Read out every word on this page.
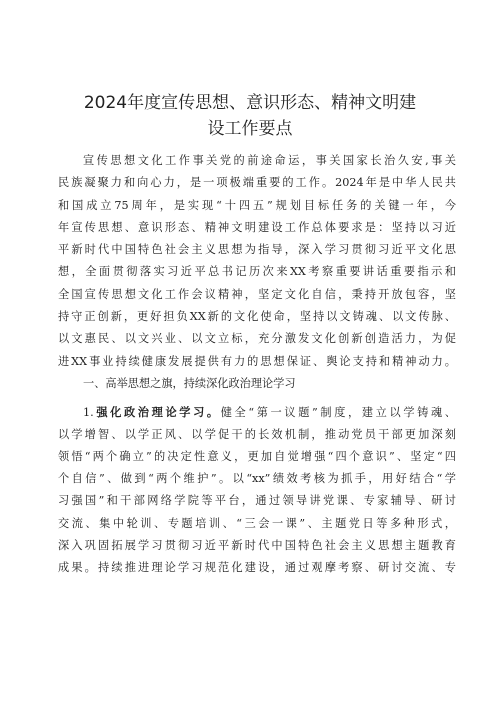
2024年度宣传思想、意识形态、精神文明建
设工作要点
宣传思想文化工作事关党的前途命运，事关国家长治久安,事关
民族凝聚力和向心力，是一项极端重要的工作。2024年是中华人民共
和国成立75周年，是实现“十四五”规划目标任务的关键一年，今
年宣传思想、意识形态、精神文明建设工作总体要求是：坚持以习近
平新时代中国特色社会主义思想为指导，深入学习贯彻习近平文化思
想，全面贯彻落实习近平总书记历次来XX考察重要讲话重要指示和
全国宣传思想文化工作会议精神，坚定文化自信，秉持开放包容，坚
持守正创新，更好担负XX新的文化使命，坚持以文铸魂、以文传脉、
以文惠民、以文兴业、以文立标，充分激发文化创新创造活力，为促
进XX事业持续健康发展提供有力的思想保证、舆论支持和精神动力。
一、高举思想之旗，持续深化政治理论学习
1.强化政治理论学习。健全“第一议题”制度，建立以学铸魂、
以学增智、以学正风、以学促干的长效机制，推动党员干部更加深刻
领悟“两个确立”的决定性意义，更加自觉增强“四个意识”、坚定“四
个自信”、做到“两个维护”。以“xx”绩效考核为抓手，用好结合“学
习强国”和干部网络学院等平台，通过领导讲党课、专家辅导、研讨
交流、集中轮训、专题培训、“三会一课”、主题党日等多种形式，
深入巩固拓展学习贯彻习近平新时代中国特色社会主义思想主题教育
成果。持续推进理论学习规范化建设，通过观摩考察、研讨交流、专
